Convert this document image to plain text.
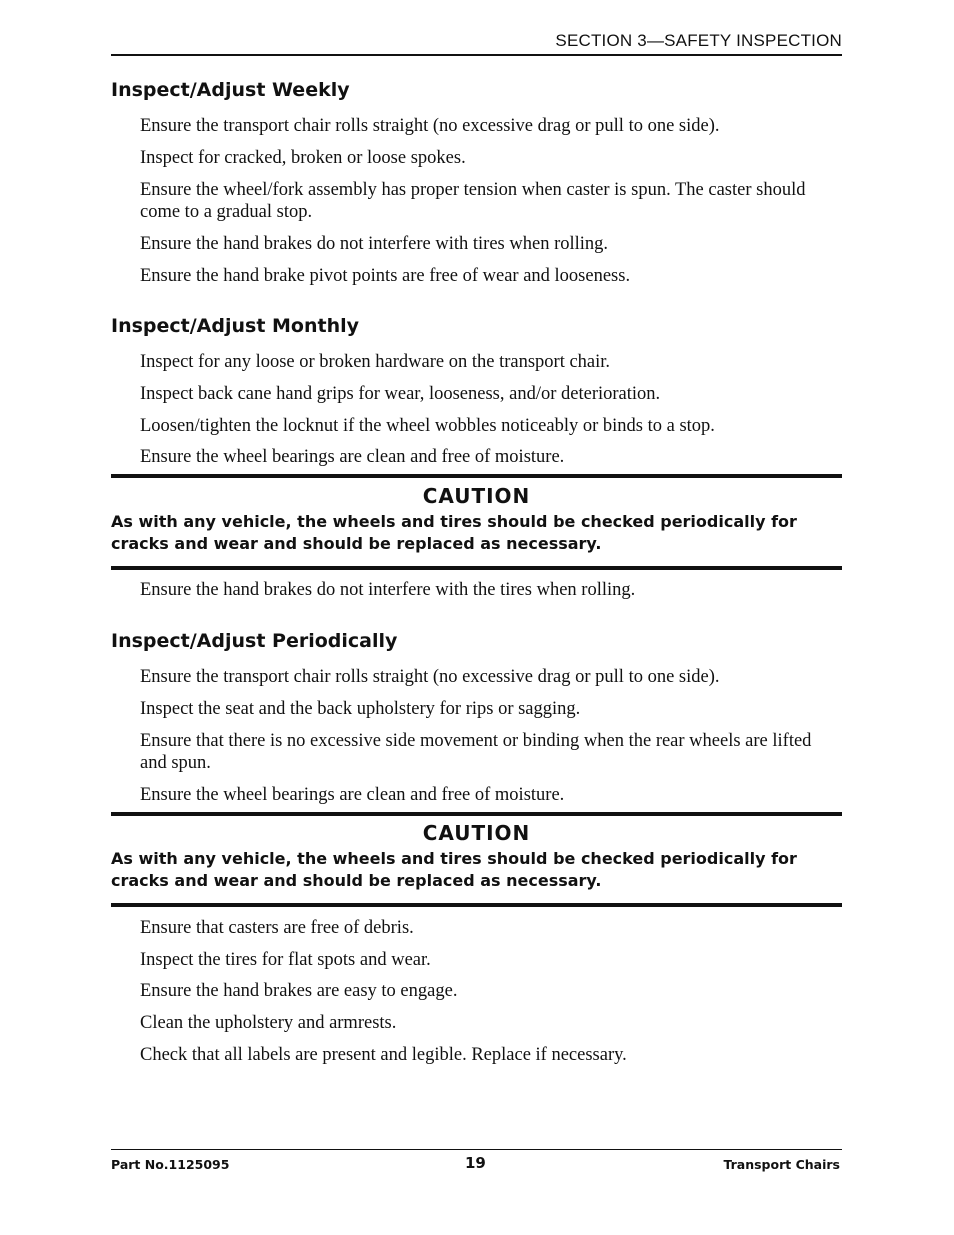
SECTION 3—SAFETY INSPECTION
Inspect/Adjust Weekly
Ensure the transport chair rolls straight (no excessive drag or pull to one side).
Inspect for cracked, broken or loose spokes.
Ensure the wheel/fork assembly has proper tension when caster is spun. The caster should come to a gradual stop.
Ensure the hand brakes do not interfere with tires when rolling.
Ensure the hand brake pivot points are free of wear and looseness.
Inspect/Adjust Monthly
Inspect for any loose or broken hardware on the transport chair.
Inspect back cane hand grips for wear, looseness, and/or deterioration.
Loosen/tighten the locknut if the wheel wobbles noticeably or binds to a stop.
Ensure the wheel bearings are clean and free of moisture.
CAUTION
As with any vehicle, the wheels and tires should be checked periodically for cracks and wear and should be replaced as necessary.
Ensure the hand brakes do not interfere with the tires when rolling.
Inspect/Adjust Periodically
Ensure the transport chair rolls straight (no excessive drag or pull to one side).
Inspect the seat and the back upholstery for rips or sagging.
Ensure that there is no excessive side movement or binding when the rear wheels are lifted and spun.
Ensure the wheel bearings are clean and free of moisture.
CAUTION
As with any vehicle, the wheels and tires should be checked periodically for cracks and wear and should be replaced as necessary.
Ensure that casters are free of debris.
Inspect the tires for flat spots and wear.
Ensure the hand brakes are easy to engage.
Clean the upholstery and armrests.
Check that all labels are present and legible. Replace if necessary.
Part No.1125095	19	Transport Chairs
